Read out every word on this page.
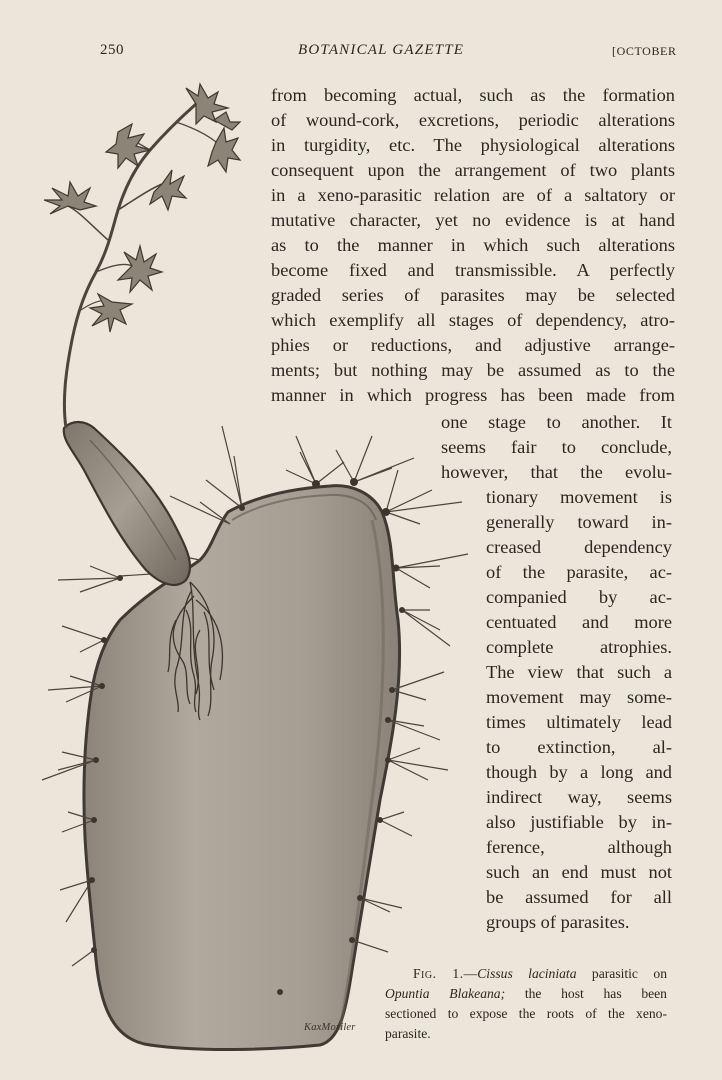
250	BOTANICAL GAZETTE	[OCTOBER
from becoming actual, such as the formation
of wound-cork, excretions, periodic alterations
in turgidity, etc. The physiological alterations
consequent upon the arrangement of two plants
in a xeno-parasitic relation are of a saltatory or
mutative character, yet no evidence is at hand
as to the manner in which such alterations
become fixed and transmissible. A perfectly
graded series of parasites may be selected
which exemplify all stages of dependency, atro-
phies or reductions, and adjustive arrange-
ments; but nothing may be assumed as to the
manner in which progress has been made from
one stage to another. It
seems fair to conclude,
however, that the evolu-
tionary movement is
generally toward in-
creased dependency
of the parasite, ac-
companied by ac-
centuated and more
complete atrophies.
The view that such a
movement may some-
times ultimately lead
to extinction, al-
though by a long and
indirect way, seems
also justifiable by in-
ference, although
such an end must not
be assumed for all
groups of parasites.
Fig. 1.—Cissus laciniata parasitic on
Opuntia Blakeana; the host has been
sectioned to expose the roots of the xeno-
parasite.
KaxMoriler
